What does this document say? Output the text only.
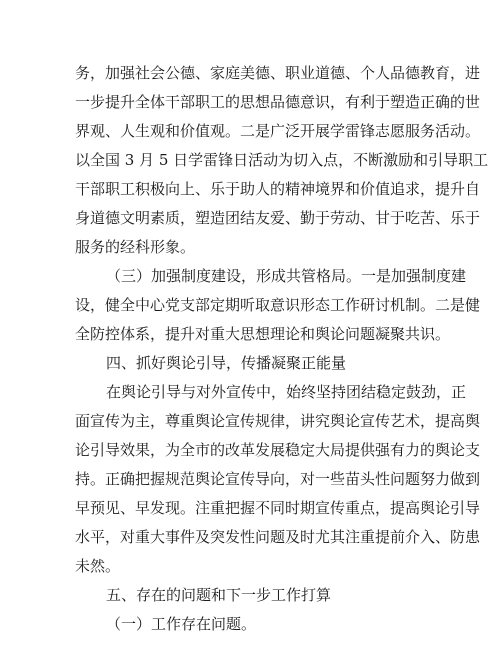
务，加强社会公德、家庭美德、职业道德、个人品德教育，进
一步提升全体干部职工的思想品德意识，有利于塑造正确的世
界观、人生观和价值观。二是广泛开展学雷锋志愿服务活动。
以全国 3 月 5 日学雷锋日活动为切入点，不断激励和引导职工
干部职工积极向上、乐于助人的精神境界和价值追求，提升自
身道德文明素质，塑造团结友爱、勤于劳动、甘于吃苦、乐于
服务的经科形象。
（三）加强制度建设，形成共管格局。一是加强制度建
设，健全中心党支部定期听取意识形态工作研讨机制。二是健
全防控体系，提升对重大思想理论和舆论问题凝聚共识。
四、抓好舆论引导，传播凝聚正能量
在舆论引导与对外宣传中，始终坚持团结稳定鼓劲，正
面宣传为主，尊重舆论宣传规律，讲究舆论宣传艺术，提高舆
论引导效果，为全市的改革发展稳定大局提供强有力的舆论支
持。正确把握规范舆论宣传导向，对一些苗头性问题努力做到
早预见、早发现。注重把握不同时期宣传重点，提高舆论引导
水平，对重大事件及突发性问题及时尤其注重提前介入、防患
未然。
五、存在的问题和下一步工作打算
（一）工作存在问题。
